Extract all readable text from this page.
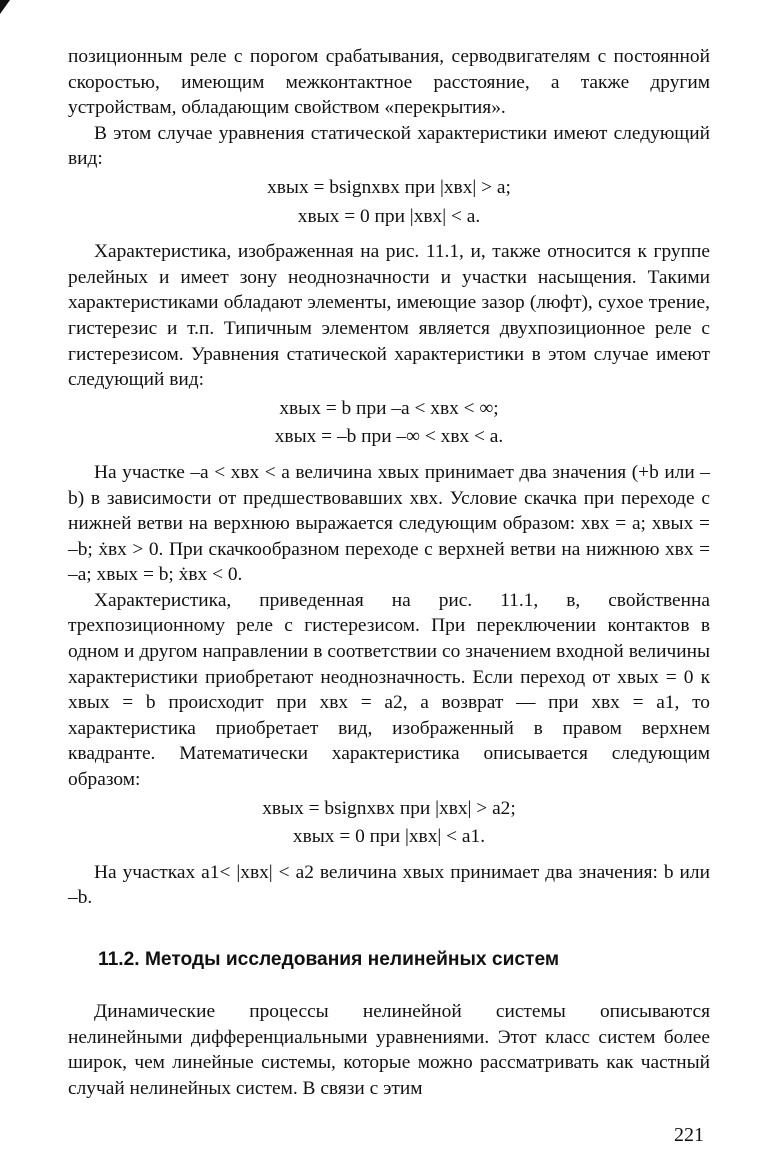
позиционным реле с порогом срабатывания, серводвигателям с постоянной скоростью, имеющим межконтактное расстояние, а также другим устройствам, обладающим свойством «перекрытия».

В этом случае уравнения статической характеристики имеют следующий вид:

xвых = bsignxвх при |xвх| > a;
xвых = 0 при |xвх| < a.

Характеристика, изображенная на рис. 11.1, и, также относится к группе релейных и имеет зону неоднозначности и участки насыщения. Такими характеристиками обладают элементы, имеющие зазор (люфт), сухое трение, гистерезис и т.п. Типичным элементом является двухпозиционное реле с гистерезисом. Уравнения статической характеристики в этом случае имеют следующий вид:

xвых = b при –a < xвх < ∞;
xвых = –b при –∞ < xвх < a.

На участке –a < xвх < a величина xвых принимает два значения (+b или –b) в зависимости от предшествовавших xвх. Условие скачка при переходе с нижней ветви на верхнюю выражается следующим образом: xвх = a; xвых = –b; ẋвх > 0. При скачкообразном переходе с верхней ветви на нижнюю xвх = –a; xвых = b; ẋвх < 0.

Характеристика, приведенная на рис. 11.1, в, свойственна трехпозиционному реле с гистерезисом. При переключении контактов в одном и другом направлении в соответствии со значением входной величины характеристики приобретают неоднозначность. Если переход от xвых = 0 к xвых = b происходит при xвх = a2, а возврат — при xвх = a1, то характеристика приобретает вид, изображенный в правом верхнем квадранте. Математически характеристика описывается следующим образом:

xвых = bsignxвх при |xвх| > a2;
xвых = 0 при |xвх| < a1.

На участках a1< |xвх| < a2 величина xвых принимает два значения: b или –b.

11.2. Методы исследования нелинейных систем

Динамические процессы нелинейной системы описываются нелинейными дифференциальными уравнениями. Этот класс систем более широк, чем линейные системы, которые можно рассматривать как частный случай нелинейных систем. В связи с этим

221
